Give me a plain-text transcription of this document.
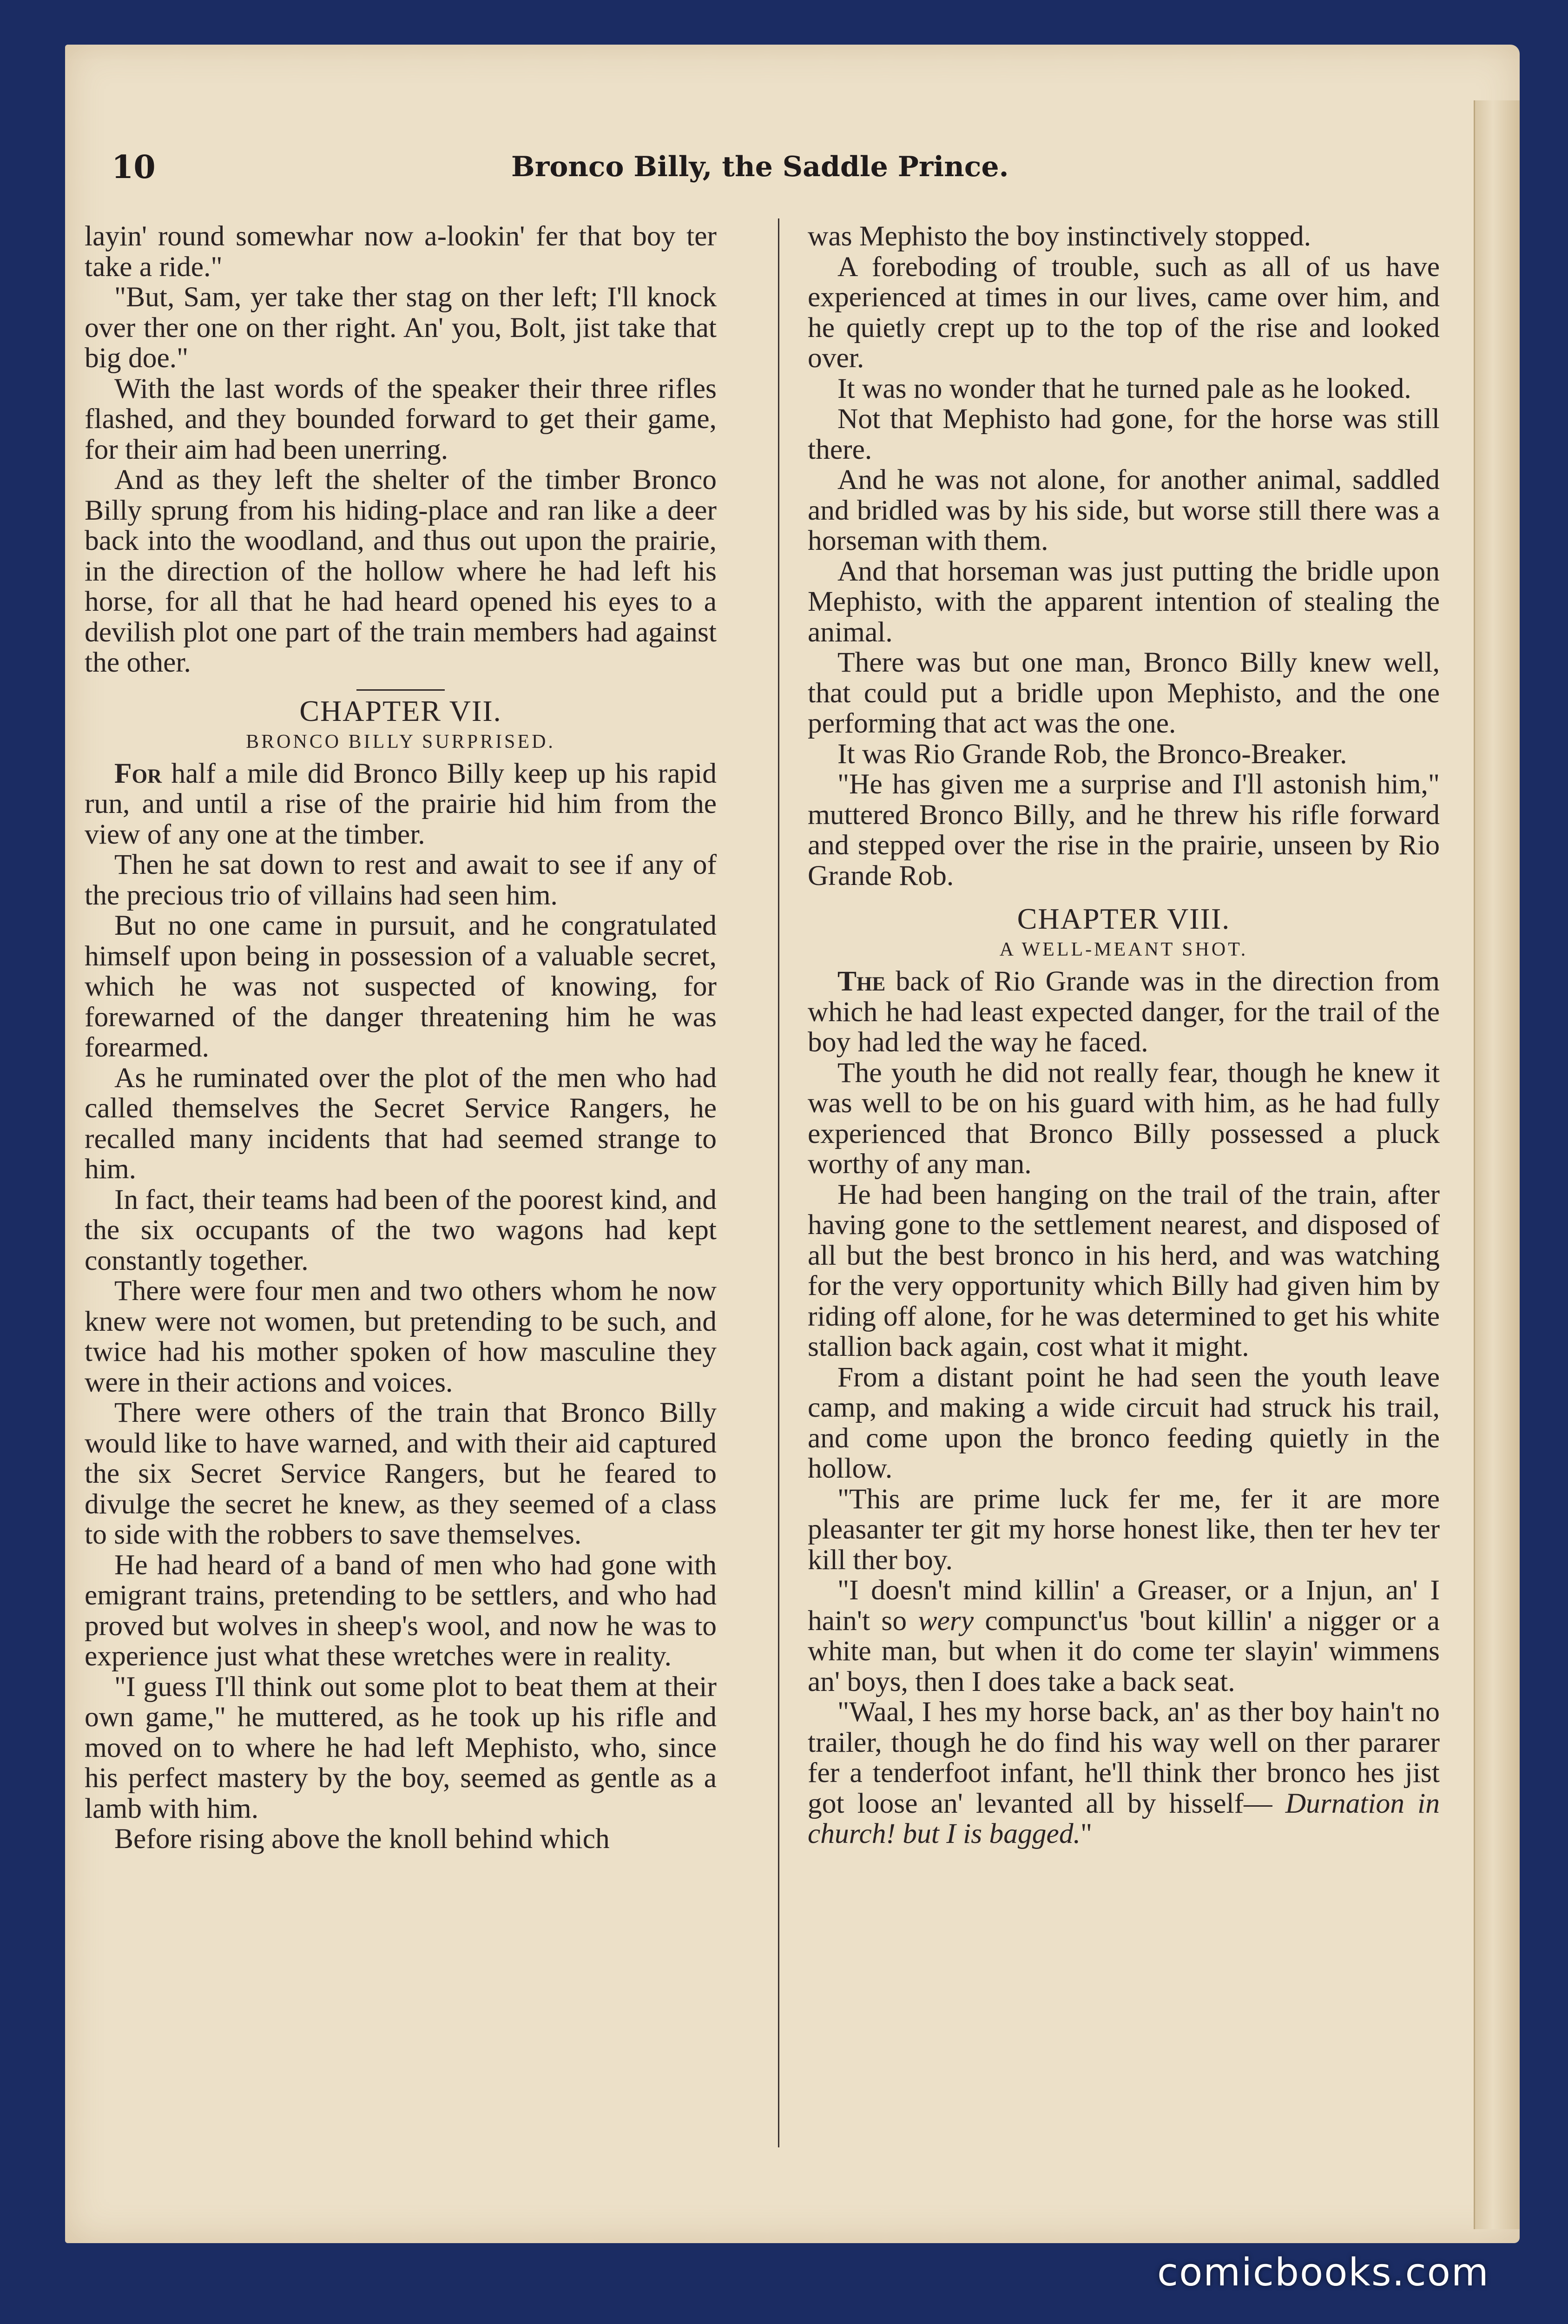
10	Bronco Billy, the Saddle Prince.

layin' round somewhar now a-lookin' fer that boy ter take a ride."

"But, Sam, yer take ther stag on ther left; I'll knock over ther one on ther right. An' you, Bolt, jist take that big doe."

With the last words of the speaker their three rifles flashed, and they bounded forward to get their game, for their aim had been unerring.

And as they left the shelter of the timber Bronco Billy sprung from his hiding-place and ran like a deer back into the woodland, and thus out upon the prairie, in the direction of the hollow where he had left his horse, for all that he had heard opened his eyes to a devilish plot one part of the train members had against the other.

CHAPTER VII.
BRONCO BILLY SURPRISED.

For half a mile did Bronco Billy keep up his rapid run, and until a rise of the prairie hid him from the view of any one at the timber.

Then he sat down to rest and await to see if any of the precious trio of villains had seen him.

But no one came in pursuit, and he congratulated himself upon being in possession of a valuable secret, which he was not suspected of knowing, for forewarned of the danger threatening him he was forearmed.

As he ruminated over the plot of the men who had called themselves the Secret Service Rangers, he recalled many incidents that had seemed strange to him.

In fact, their teams had been of the poorest kind, and the six occupants of the two wagons had kept constantly together.

There were four men and two others whom he now knew were not women, but pretending to be such, and twice had his mother spoken of how masculine they were in their actions and voices.

There were others of the train that Bronco Billy would like to have warned, and with their aid captured the six Secret Service Rangers, but he feared to divulge the secret he knew, as they seemed of a class to side with the robbers to save themselves.

He had heard of a band of men who had gone with emigrant trains, pretending to be settlers, and who had proved but wolves in sheep's wool, and now he was to experience just what these wretches were in reality.

"I guess I'll think out some plot to beat them at their own game," he muttered, as he took up his rifle and moved on to where he had left Mephisto, who, since his perfect mastery by the boy, seemed as gentle as a lamb with him.

Before rising above the knoll behind which

was Mephisto the boy instinctively stopped.

A foreboding of trouble, such as all of us have experienced at times in our lives, came over him, and he quietly crept up to the top of the rise and looked over.

It was no wonder that he turned pale as he looked.

Not that Mephisto had gone, for the horse was still there.

And he was not alone, for another animal, saddled and bridled was by his side, but worse still there was a horseman with them.

And that horseman was just putting the bridle upon Mephisto, with the apparent intention of stealing the animal.

There was but one man, Bronco Billy knew well, that could put a bridle upon Mephisto, and the one performing that act was the one.

It was Rio Grande Rob, the Bronco-Breaker.

"He has given me a surprise and I'll astonish him," muttered Bronco Billy, and he threw his rifle forward and stepped over the rise in the prairie, unseen by Rio Grande Rob.

CHAPTER VIII.
A WELL-MEANT SHOT.

The back of Rio Grande was in the direction from which he had least expected danger, for the trail of the boy had led the way he faced.

The youth he did not really fear, though he knew it was well to be on his guard with him, as he had fully experienced that Bronco Billy possessed a pluck worthy of any man.

He had been hanging on the trail of the train, after having gone to the settlement nearest, and disposed of all but the best bronco in his herd, and was watching for the very opportunity which Billy had given him by riding off alone, for he was determined to get his white stallion back again, cost what it might.

From a distant point he had seen the youth leave camp, and making a wide circuit had struck his trail, and come upon the bronco feeding quietly in the hollow.

"This are prime luck fer me, fer it are more pleasanter ter git my horse honest like, then ter hev ter kill ther boy.

"I doesn't mind killin' a Greaser, or a Injun, an' I hain't so wery compunct'us 'bout killin' a nigger or a white man, but when it do come ter slayin' wimmens an' boys, then I does take a back seat.

"Waal, I hes my horse back, an' as ther boy hain't no trailer, though he do find his way well on ther pararer fer a tenderfoot infant, he'll think ther bronco hes jist got loose an' levanted all by hisself— Durnation in church! but I is bagged."

comicbooks.com
